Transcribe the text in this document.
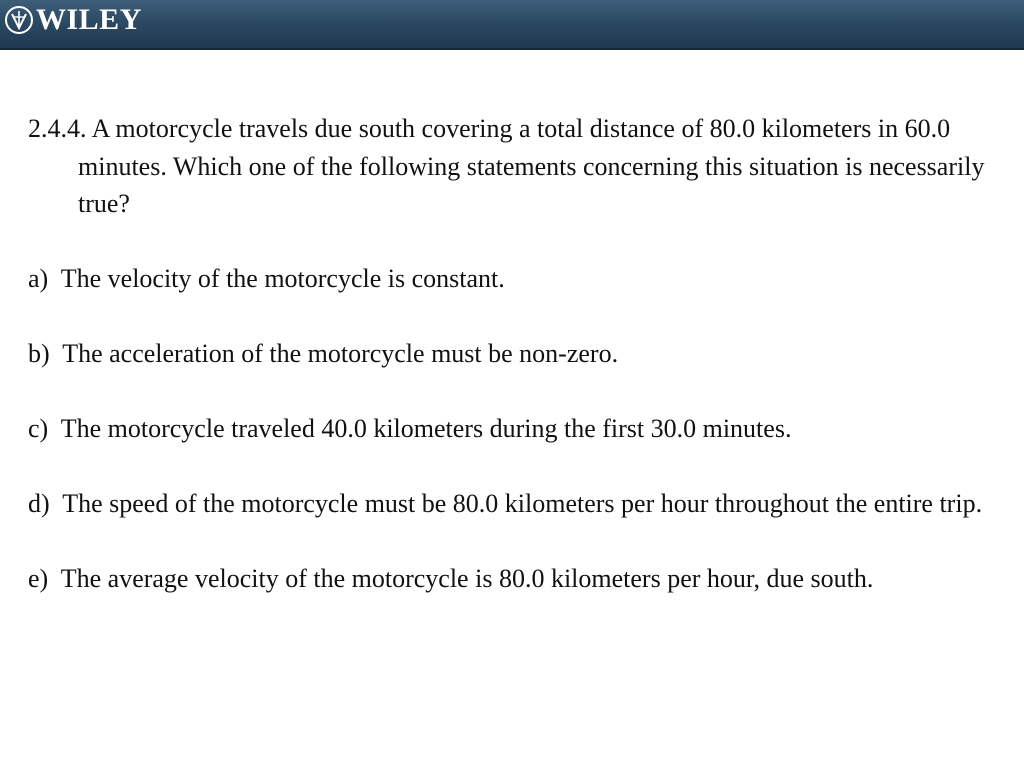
WILEY

2.4.4. A motorcycle travels due south covering a total distance of 80.0 kilometers in 60.0 minutes. Which one of the following statements concerning this situation is necessarily true?

a) The velocity of the motorcycle is constant.

b) The acceleration of the motorcycle must be non-zero.

c) The motorcycle traveled 40.0 kilometers during the first 30.0 minutes.

d) The speed of the motorcycle must be 80.0 kilometers per hour throughout the entire trip.

e) The average velocity of the motorcycle is 80.0 kilometers per hour, due south.
